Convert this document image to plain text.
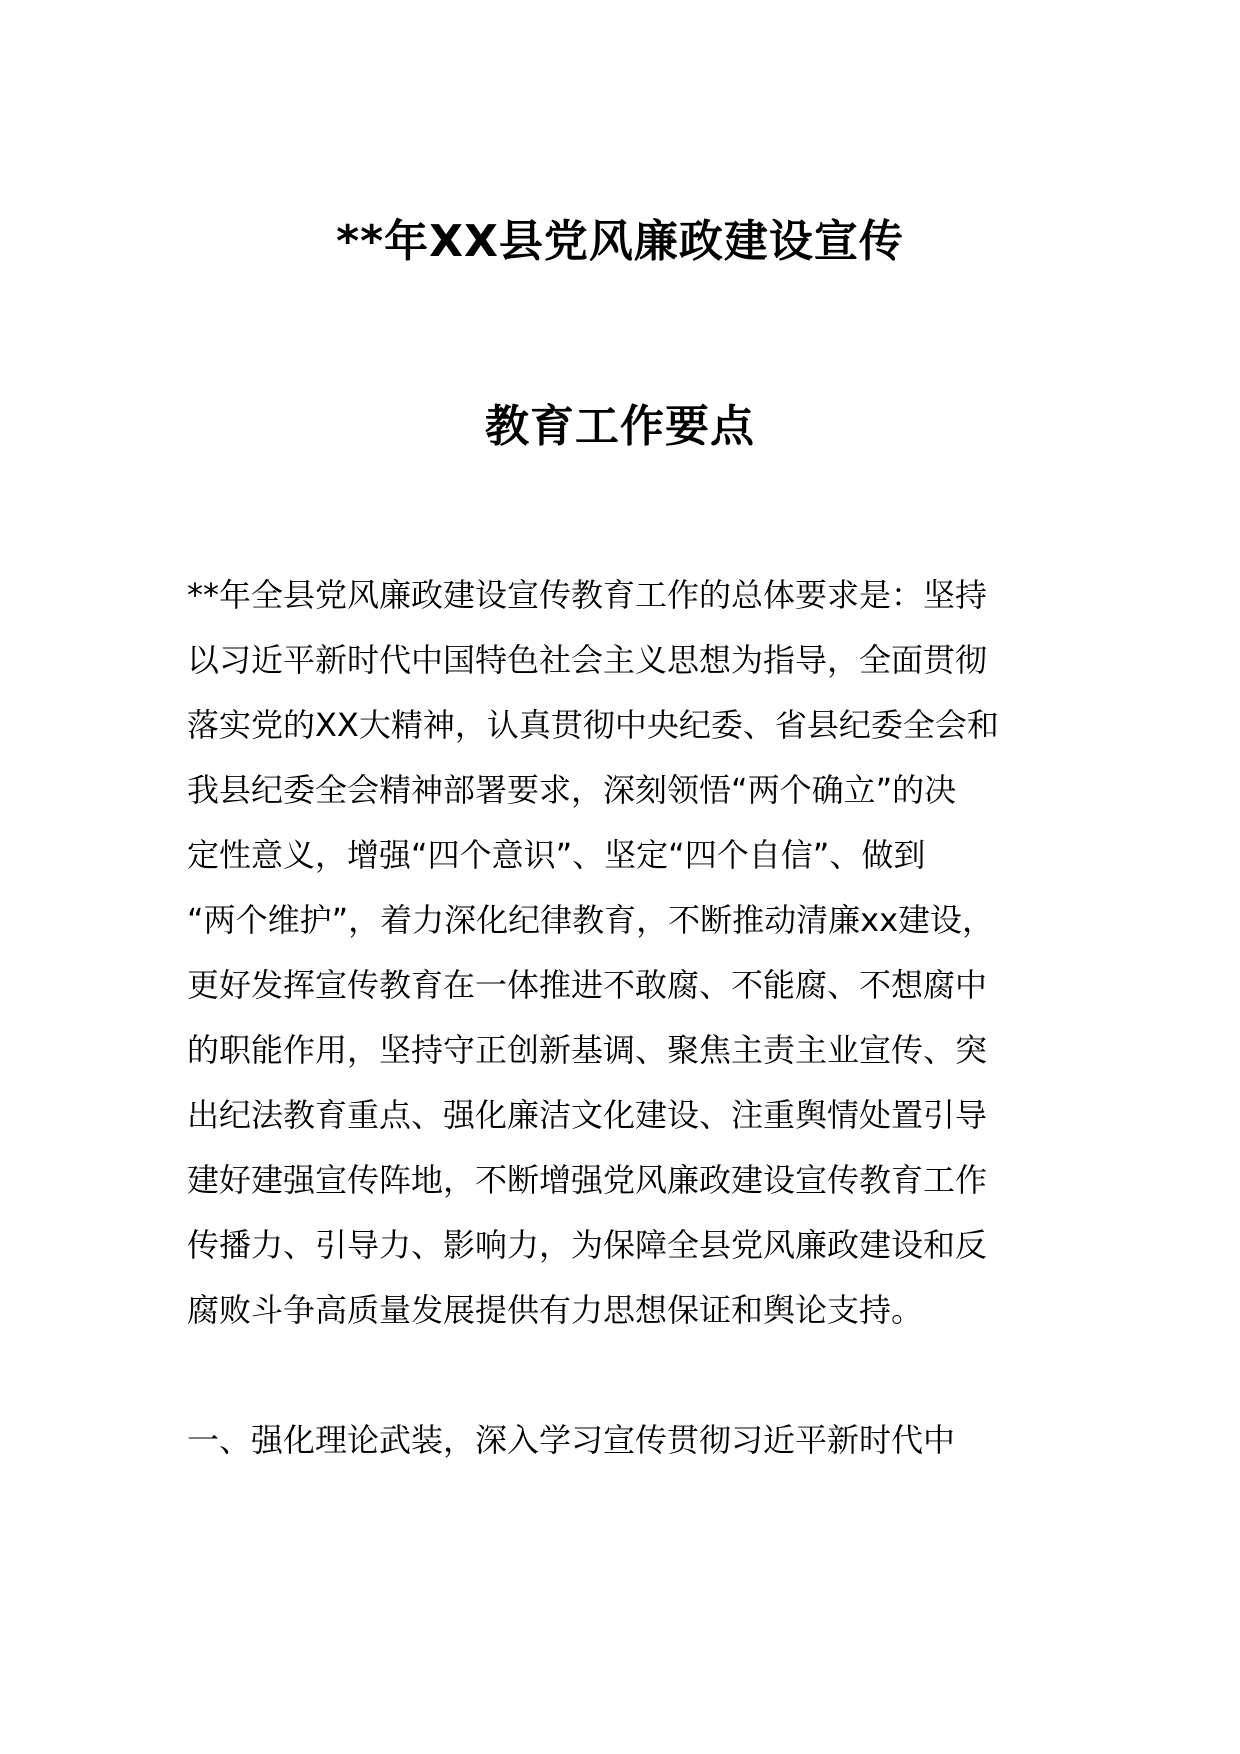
**年XX县党风廉政建设宣传
教育工作要点
**年全县党风廉政建设宣传教育工作的总体要求是：坚持
以习近平新时代中国特色社会主义思想为指导，全面贯彻
落实党的XX大精神，认真贯彻中央纪委、省县纪委全会和
我县纪委全会精神部署要求，深刻领悟“两个确立”的决
定性意义，增强“四个意识”、坚定“四个自信”、做到
“两个维护”，着力深化纪律教育，不断推动清廉xx建设，
更好发挥宣传教育在一体推进不敢腐、不能腐、不想腐中
的职能作用，坚持守正创新基调、聚焦主责主业宣传、突
出纪法教育重点、强化廉洁文化建设、注重舆情处置引导
建好建强宣传阵地，不断增强党风廉政建设宣传教育工作
传播力、引导力、影响力，为保障全县党风廉政建设和反
腐败斗争高质量发展提供有力思想保证和舆论支持。
一、强化理论武装，深入学习宣传贯彻习近平新时代中
